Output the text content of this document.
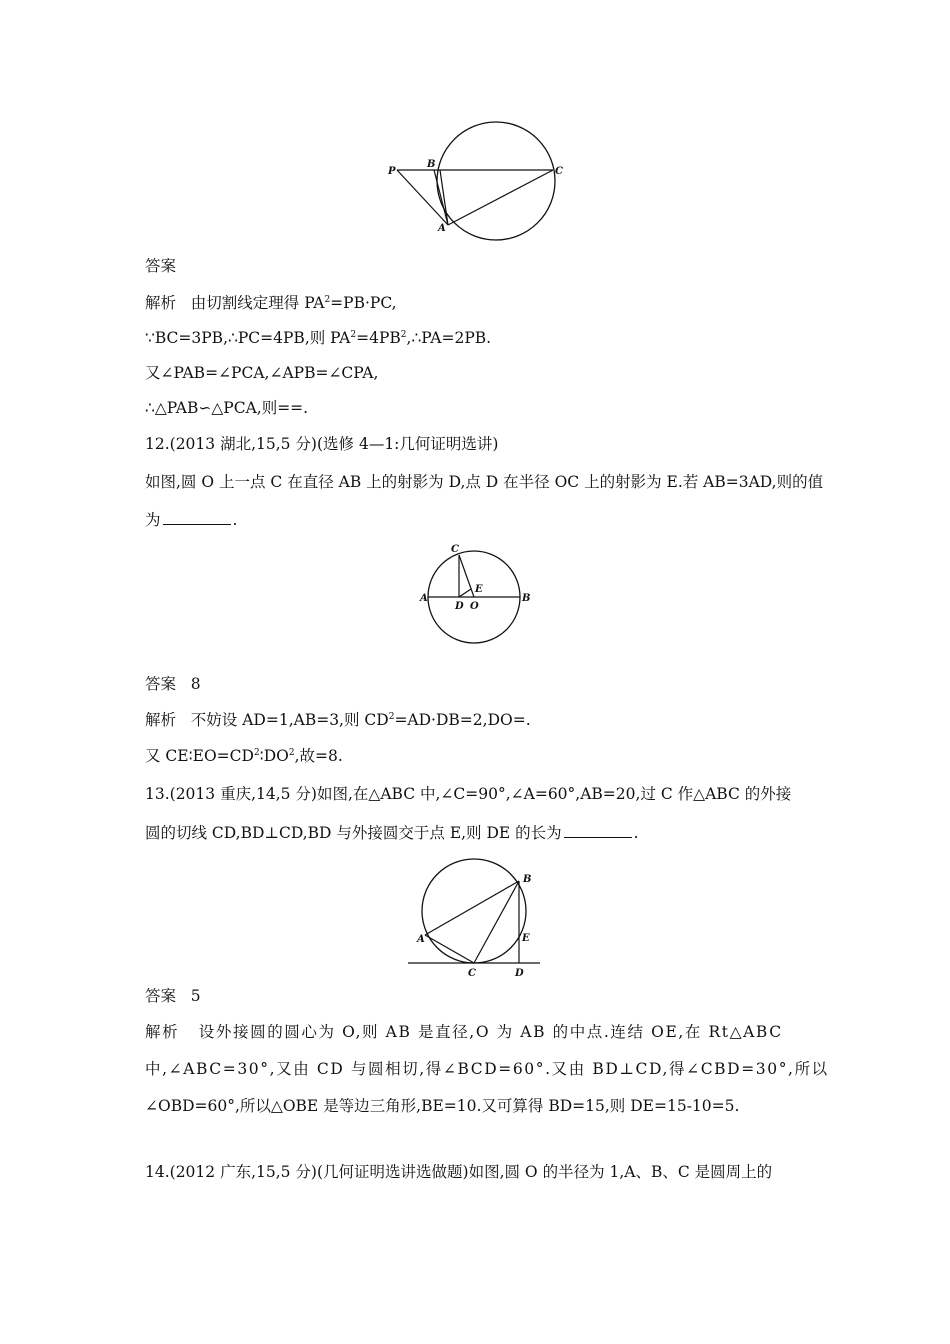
P
B
C
A
答案
解析 由切割线定理得 $PA^2=PB\cdot PC$,
∵BC=3PB,∴PC=4PB,则 $PA^2=4PB^2,\therefore PA=2PB$.
又∠PAB=∠PCA,∠APB=∠CPA,
∴△PAB∽△PCA,则==.
12.(2013 湖北,15,5 分)(选修 4—1:几何证明选讲)
如图,圆 O 上一点 C 在直径 AB 上的射影为 D,点 D 在半径 OC 上的射影为 E.若 AB=3AD,则的值
为	.
C
E
A
D O
B
答案 8
解析 不妨设 AD=1,AB=3,则 $CD^2=AD\cdot DB=2,DO=$.
又 $CE∶EO=CD^2∶DO^2$,故=8.
13.(2013 重庆,14,5 分)如图,在△ABC 中,∠C=90°,∠A=60°,AB=20,过 C 作△ABC 的外接
圆的切线 CD,BD⊥CD,BD 与外接圆交于点 E,则 DE 的长为	.
B
A	E
C	D
答案 5
解析 设外接圆的圆心为 O,则 AB 是直径,O 为 AB 的中点.连结 OE,在 Rt△ABC
中,∠ABC=30°,又由 CD 与圆相切,得∠BCD=60°.又由 BD⊥CD,得∠CBD=30°,所以
∠OBD=60°,所以△OBE 是等边三角形,BE=10.又可算得 BD=15,则 DE=15-10=5.
14.(2012 广东,15,5 分)(几何证明选讲选做题)如图,圆 O 的半径为 1,A、B、C 是圆周上的
